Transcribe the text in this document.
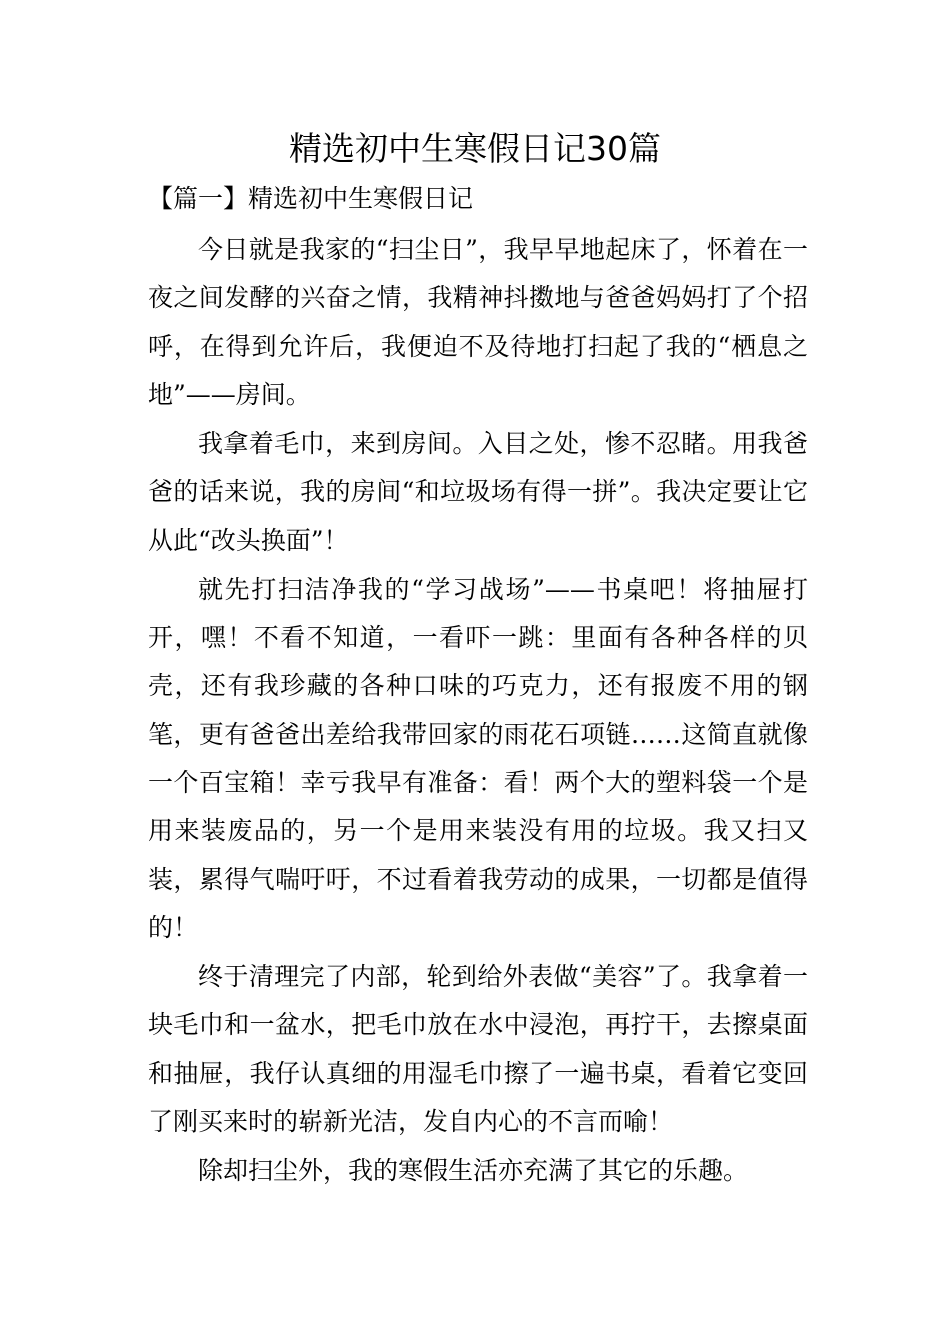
精选初中生寒假日记30篇
【篇一】精选初中生寒假日记

今日就是我家的“扫尘日”，我早早地起床了，怀着在一夜之间发酵的兴奋之情，我精神抖擞地与爸爸妈妈打了个招呼，在得到允许后，我便迫不及待地打扫起了我的“栖息之地”——房间。

我拿着毛巾，来到房间。入目之处，惨不忍睹。用我爸爸的话来说，我的房间“和垃圾场有得一拼”。我决定要让它从此“改头换面”！

就先打扫洁净我的“学习战场”——书桌吧！将抽屉打开，嘿！不看不知道，一看吓一跳：里面有各种各样的贝壳，还有我珍藏的各种口味的巧克力，还有报废不用的钢笔，更有爸爸出差给我带回家的雨花石项链……这简直就像一个百宝箱！幸亏我早有准备：看！两个大的塑料袋一个是用来装废品的，另一个是用来装没有用的垃圾。我又扫又装，累得气喘吁吁，不过看着我劳动的成果，一切都是值得的！

终于清理完了内部，轮到给外表做“美容”了。我拿着一块毛巾和一盆水，把毛巾放在水中浸泡，再拧干，去擦桌面和抽屉，我仔认真细的用湿毛巾擦了一遍书桌，看着它变回了刚买来时的崭新光洁，发自内心的不言而喻！

除却扫尘外，我的寒假生活亦充满了其它的乐趣。
